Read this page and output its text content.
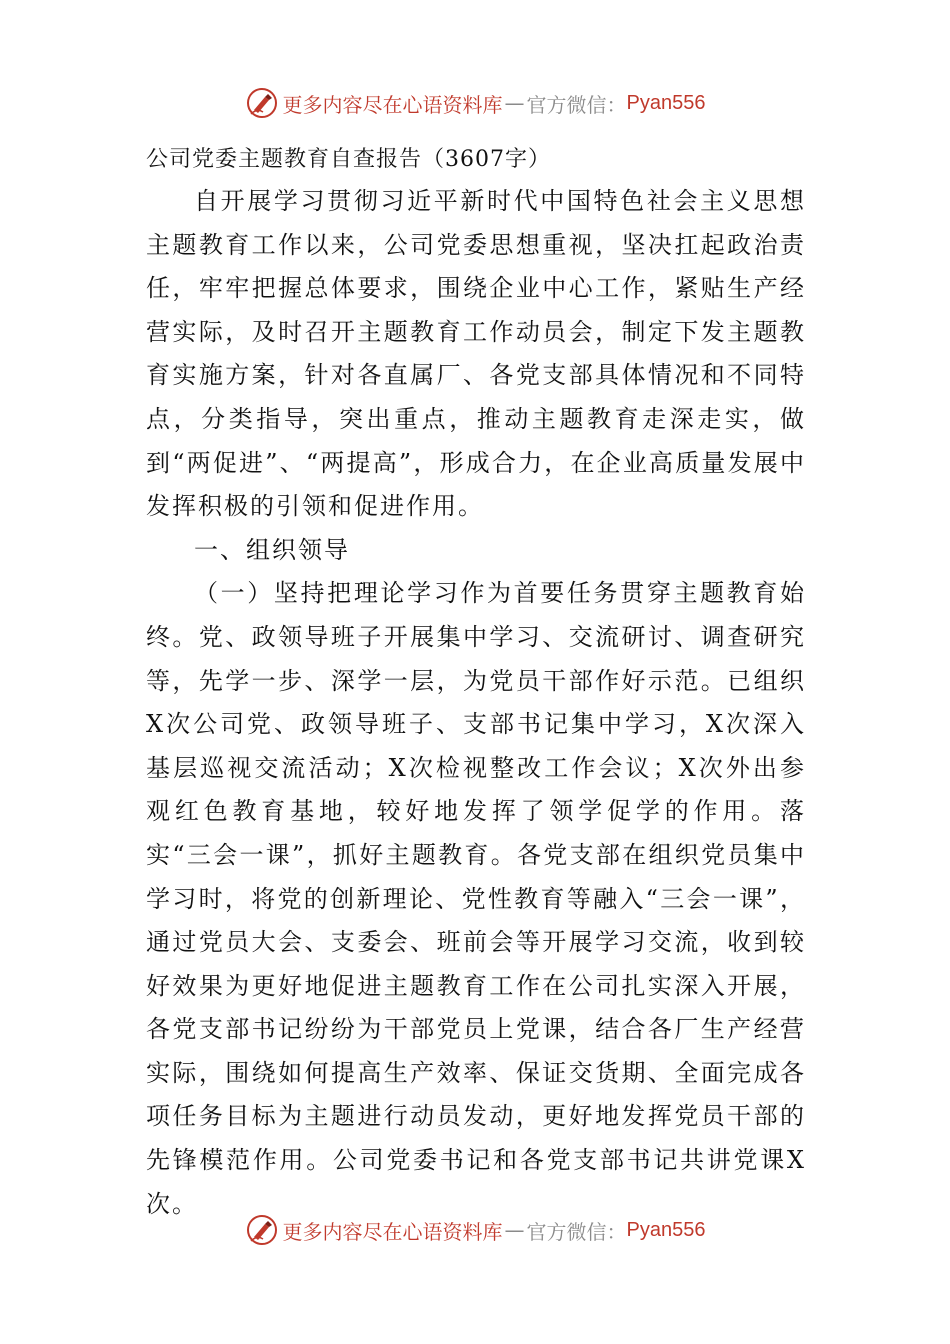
更多内容尽在心语资料库 — 官方微信： Pyan556
公司党委主题教育自查报告（3607字）

自开展学习贯彻习近平新时代中国特色社会主义思想主题教育工作以来，公司党委思想重视，坚决扛起政治责任，牢牢把握总体要求，围绕企业中心工作，紧贴生产经营实际，及时召开主题教育工作动员会，制定下发主题教育实施方案，针对各直属厂、各党支部具体情况和不同特点，分类指导，突出重点，推动主题教育走深走实，做到“两促进”、“两提高”，形成合力，在企业高质量发展中发挥积极的引领和促进作用。

一、组织领导

（一）坚持把理论学习作为首要任务贯穿主题教育始终。党、政领导班子开展集中学习、交流研讨、调查研究等，先学一步、深学一层，为党员干部作好示范。已组织X次公司党、政领导班子、支部书记集中学习，X次深入基层巡视交流活动；X次检视整改工作会议；X次外出参观红色教育基地，较好地发挥了领学促学的作用。落实“三会一课”，抓好主题教育。各党支部在组织党员集中学习时，将党的创新理论、党性教育等融入“三会一课”，通过党员大会、支委会、班前会等开展学习交流，收到较好效果为更好地促进主题教育工作在公司扎实深入开展，各党支部书记纷纷为干部党员上党课，结合各厂生产经营实际，围绕如何提高生产效率、保证交货期、全面完成各项任务目标为主题进行动员发动，更好地发挥党员干部的先锋模范作用。公司党委书记和各党支部书记共讲党课X次。

更多内容尽在心语资料库 — 官方微信： Pyan556
